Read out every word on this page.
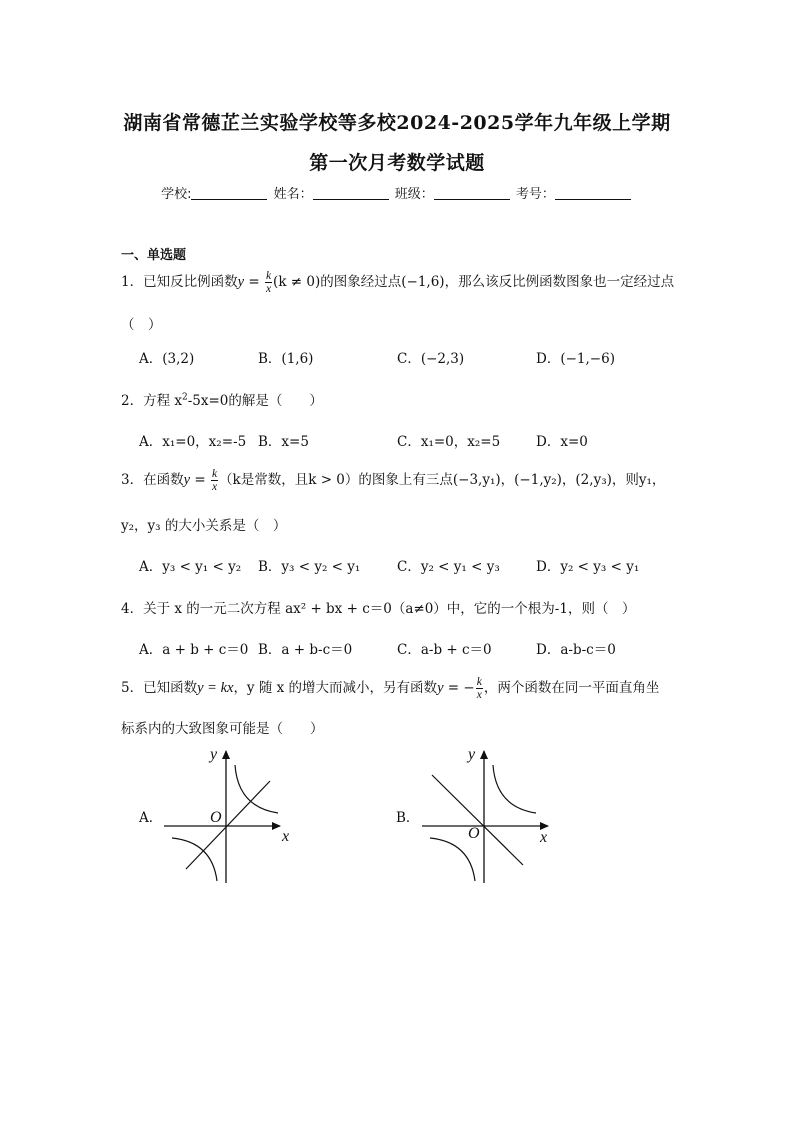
湖南省常德芷兰实验学校等多校2024-2025学年九年级上学期
第一次月考数学试题
学校:	姓名：	班级：	考号：
一、单选题
1．已知反比例函数$y = \frac{k}{x} (k \ne 0)$的图象经过点(−1,6)，那么该反比例函数图象也一定经过点
（　）
A．(3,2)	B．(1,6)	C．(−2,3)	D．(−1,−6)
2．方程 $x^2-5x=0$的解是（　　）
A．x₁=0，x₂=-5 B．x=5	C．x₁=0，x₂=5	D．x=0
3．在函数$y = \frac{k}{x} (k$是常数，且k > 0）的图象上有三点(−3,y₁)，(−1,y₂)，(2,y₃)，则y₁，
y₂，y₃ 的大小关系是（　）
A．y₃ < y₁ < y₂ B．y₃ < y₂ < y₁	C．y₂ < y₁ < y₃	D．y₂ < y₃ < y₁
4．关于 x 的一元二次方程 ax² + bx + c＝0（a≠0）中，它的一个根为-1，则（　）
A．a + b + c＝0 B．a + b-c＝0	C．a-b + c＝0	D．a-b-c＝0
5．已知函数y = kx，y 随 x 的增大而减小，另有函数y = − $\frac{k}{x}$ ，两个函数在同一平面直角坐
标系内的大致图象可能是（　　）
A．
y
x
O	B．
y
x
O
